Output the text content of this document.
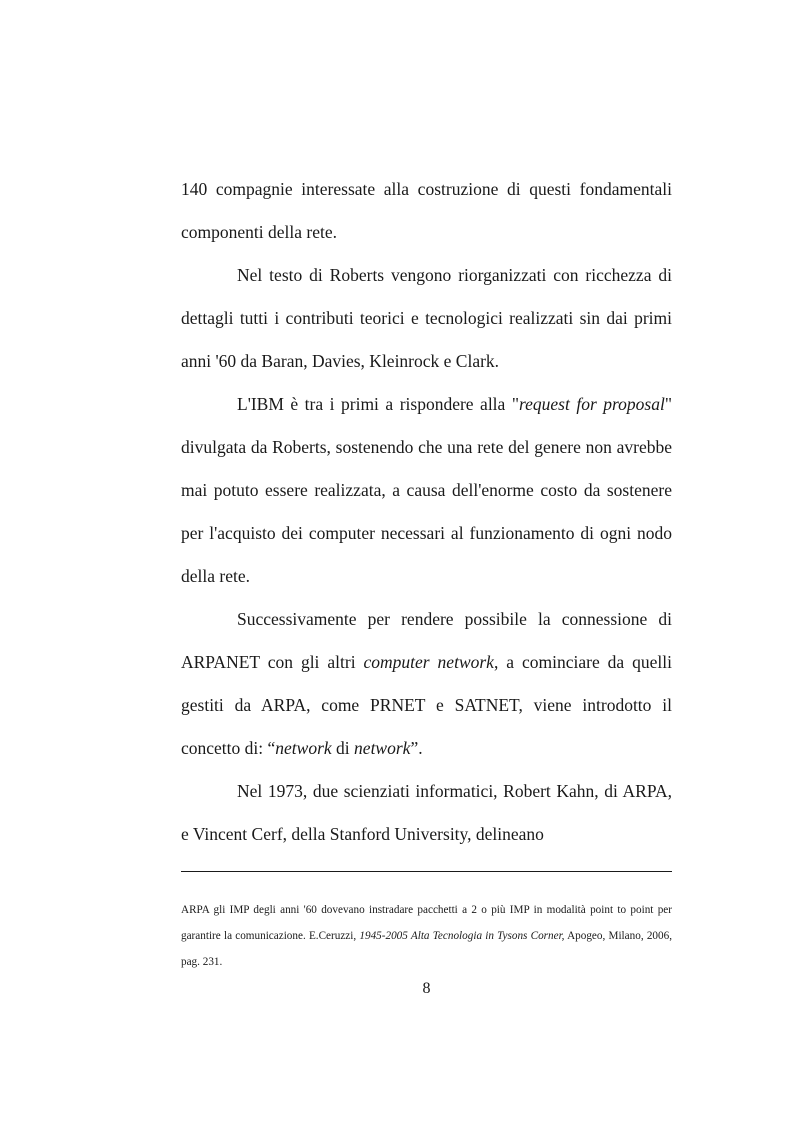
140 compagnie interessate alla costruzione di questi fondamentali componenti della rete.

Nel testo di Roberts vengono riorganizzati con ricchezza di dettagli tutti i contributi teorici e tecnologici realizzati sin dai primi anni '60 da Baran, Davies, Kleinrock e Clark.

L'IBM è tra i primi a rispondere alla "request for proposal" divulgata da Roberts, sostenendo che una rete del genere non avrebbe mai potuto essere realizzata, a causa dell'enorme costo da sostenere per l'acquisto dei computer necessari al funzionamento di ogni nodo della rete.

Successivamente per rendere possibile la connessione di ARPANET con gli altri computer network, a cominciare da quelli gestiti da ARPA, come PRNET e SATNET, viene introdotto il concetto di: “network di network”.

Nel 1973, due scienziati informatici, Robert Kahn, di ARPA, e Vincent Cerf, della Stanford University, delineano

ARPA gli IMP degli anni '60 dovevano instradare pacchetti a 2 o più IMP in modalità point to point per garantire la comunicazione. E.Ceruzzi, 1945-2005 Alta Tecnologia in Tysons Corner, Apogeo, Milano, 2006, pag. 231.
8
